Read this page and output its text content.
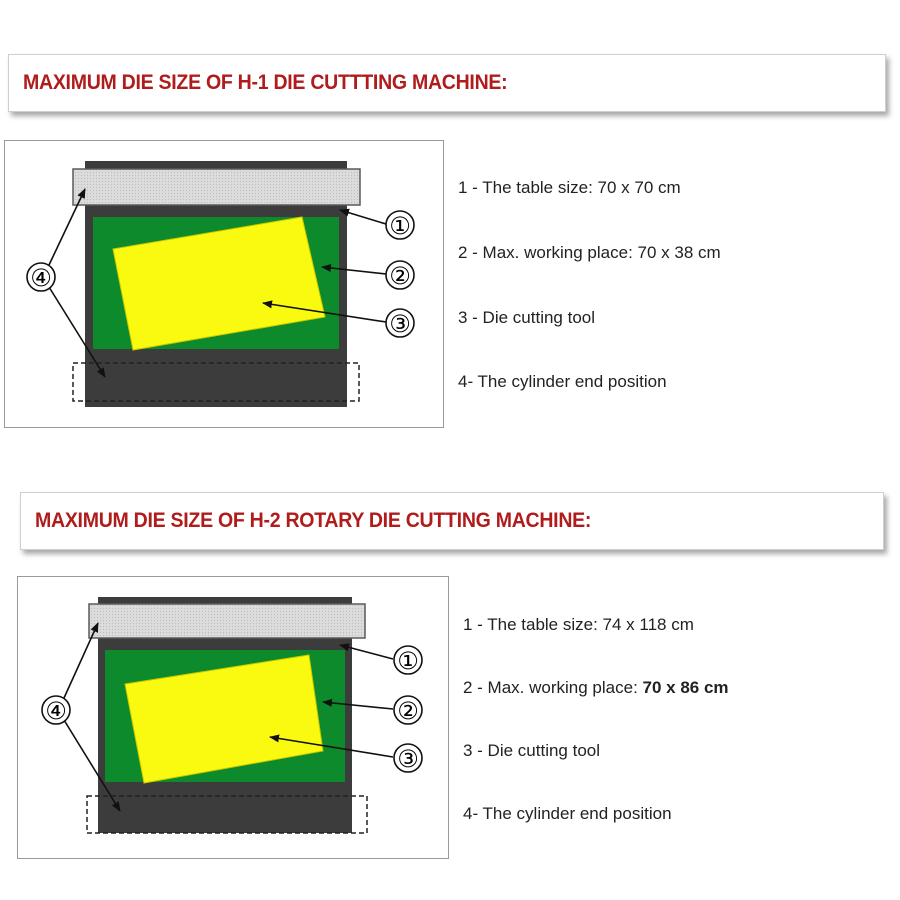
MAXIMUM DIE SIZE OF H-1 DIE CUTTTING MACHINE:
①
②
③
④
1 - The table size: 70 x 70 cm
2 - Max. working place: 70 x 38 cm
3 - Die cutting tool
4- The cylinder end position
MAXIMUM DIE SIZE OF H-2 ROTARY DIE CUTTING MACHINE:
①
②
③
④
1 - The table size: 74 x 118 cm
2 - Max. working place: 70 x 86 cm
3 - Die cutting tool
4- The cylinder end position
